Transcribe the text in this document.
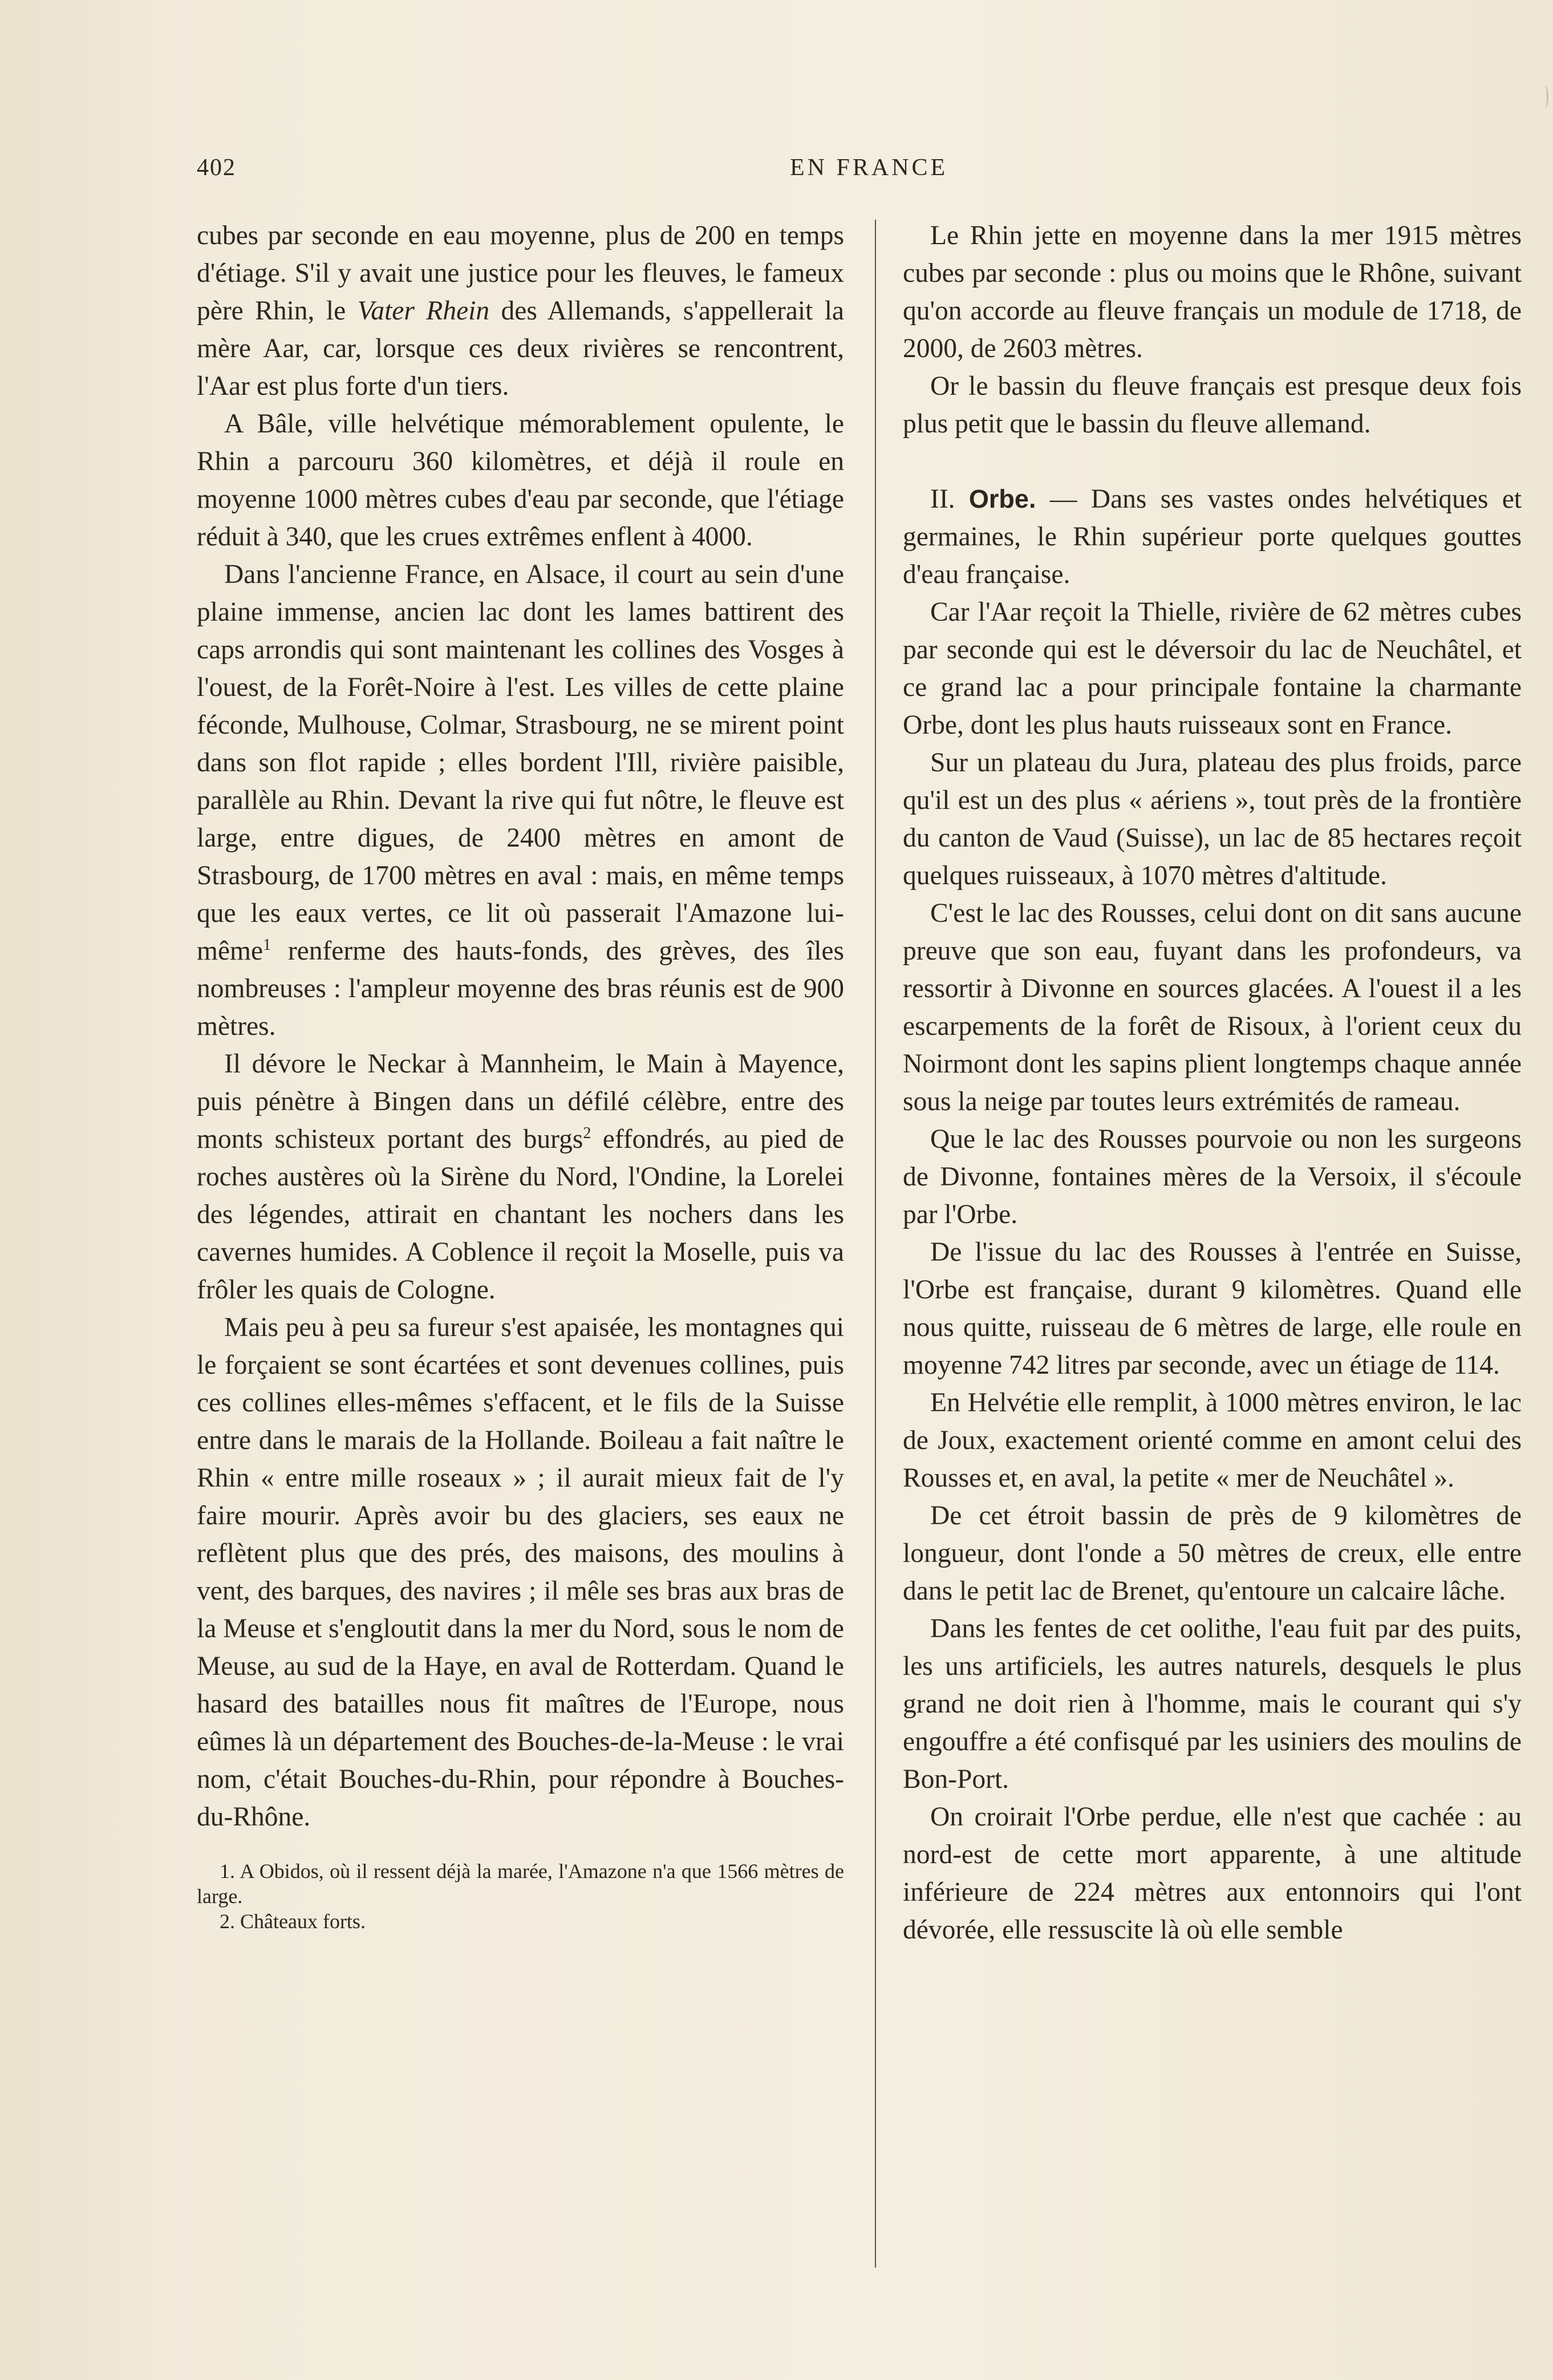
402	EN FRANCE

cubes par seconde en eau moyenne, plus de 200 en temps d'étiage. S'il y avait une justice pour les fleuves, le fameux père Rhin, le Vater Rhein des Allemands, s'appellerait la mère Aar, car, lorsque ces deux rivières se rencontrent, l'Aar est plus forte d'un tiers.

A Bâle, ville helvétique mémorablement opulente, le Rhin a parcouru 360 kilomètres, et déjà il roule en moyenne 1000 mètres cubes d'eau par seconde, que l'étiage réduit à 340, que les crues extrêmes enflent à 4000.

Dans l'ancienne France, en Alsace, il court au sein d'une plaine immense, ancien lac dont les lames battirent des caps arrondis qui sont maintenant les collines des Vosges à l'ouest, de la Forêt-Noire à l'est. Les villes de cette plaine féconde, Mulhouse, Colmar, Strasbourg, ne se mirent point dans son flot rapide ; elles bordent l'Ill, rivière paisible, parallèle au Rhin. Devant la rive qui fut nôtre, le fleuve est large, entre digues, de 2400 mètres en amont de Strasbourg, de 1700 mètres en aval : mais, en même temps que les eaux vertes, ce lit où passerait l'Amazone lui-même$^1$ renferme des hauts-fonds, des grèves, des îles nombreuses : l'ampleur moyenne des bras réunis est de 900 mètres.

Il dévore le Neckar à Mannheim, le Main à Mayence, puis pénètre à Bingen dans un défilé célèbre, entre des monts schisteux portant des burgs$^2$ effondrés, au pied de roches austères où la Sirène du Nord, l'Ondine, la Lorelei des légendes, attirait en chantant les nochers dans les cavernes humides. A Coblence il reçoit la Moselle, puis va frôler les quais de Cologne.

Mais peu à peu sa fureur s'est apaisée, les montagnes qui le forçaient se sont écartées et sont devenues collines, puis ces collines elles-mêmes s'effacent, et le fils de la Suisse entre dans le marais de la Hollande. Boileau a fait naître le Rhin « entre mille roseaux » ; il aurait mieux fait de l'y faire mourir. Après avoir bu des glaciers, ses eaux ne reflètent plus que des prés, des maisons, des moulins à vent, des barques, des navires ; il mêle ses bras aux bras de la Meuse et s'engloutit dans la mer du Nord, sous le nom de Meuse, au sud de la Haye, en aval de Rotterdam. Quand le hasard des batailles nous fit maîtres de l'Europe, nous eûmes là un département des Bouches-de-la-Meuse : le vrai nom, c'était Bouches-du-Rhin, pour répondre à Bouches-du-Rhône.

1. A Obidos, où il ressent déjà la marée, l'Amazone n'a que 1566 mètres de large.

2. Châteaux forts.

Le Rhin jette en moyenne dans la mer 1915 mètres cubes par seconde : plus ou moins que le Rhône, suivant qu'on accorde au fleuve français un module de 1718, de 2000, de 2603 mètres.

Or le bassin du fleuve français est presque deux fois plus petit que le bassin du fleuve allemand.

II. Orbe. — Dans ses vastes ondes helvétiques et germaines, le Rhin supérieur porte quelques gouttes d'eau française.

Car l'Aar reçoit la Thielle, rivière de 62 mètres cubes par seconde qui est le déversoir du lac de Neuchâtel, et ce grand lac a pour principale fontaine la charmante Orbe, dont les plus hauts ruisseaux sont en France.

Sur un plateau du Jura, plateau des plus froids, parce qu'il est un des plus « aériens », tout près de la frontière du canton de Vaud (Suisse), un lac de 85 hectares reçoit quelques ruisseaux, à 1070 mètres d'altitude.

C'est le lac des Rousses, celui dont on dit sans aucune preuve que son eau, fuyant dans les profondeurs, va ressortir à Divonne en sources glacées. A l'ouest il a les escarpements de la forêt de Risoux, à l'orient ceux du Noirmont dont les sapins plient longtemps chaque année sous la neige par toutes leurs extrémités de rameau.

Que le lac des Rousses pourvoie ou non les surgeons de Divonne, fontaines mères de la Versoix, il s'écoule par l'Orbe.

De l'issue du lac des Rousses à l'entrée en Suisse, l'Orbe est française, durant 9 kilomètres. Quand elle nous quitte, ruisseau de 6 mètres de large, elle roule en moyenne 742 litres par seconde, avec un étiage de 114.

En Helvétie elle remplit, à 1000 mètres environ, le lac de Joux, exactement orienté comme en amont celui des Rousses et, en aval, la petite « mer de Neuchâtel ».

De cet étroit bassin de près de 9 kilomètres de longueur, dont l'onde a 50 mètres de creux, elle entre dans le petit lac de Brenet, qu'entoure un calcaire lâche.

Dans les fentes de cet oolithe, l'eau fuit par des puits, les uns artificiels, les autres naturels, desquels le plus grand ne doit rien à l'homme, mais le courant qui s'y engouffre a été confisqué par les usiniers des moulins de Bon-Port.

On croirait l'Orbe perdue, elle n'est que cachée : au nord-est de cette mort apparente, à une altitude inférieure de 224 mètres aux entonnoirs qui l'ont dévorée, elle ressuscite là où elle semble
